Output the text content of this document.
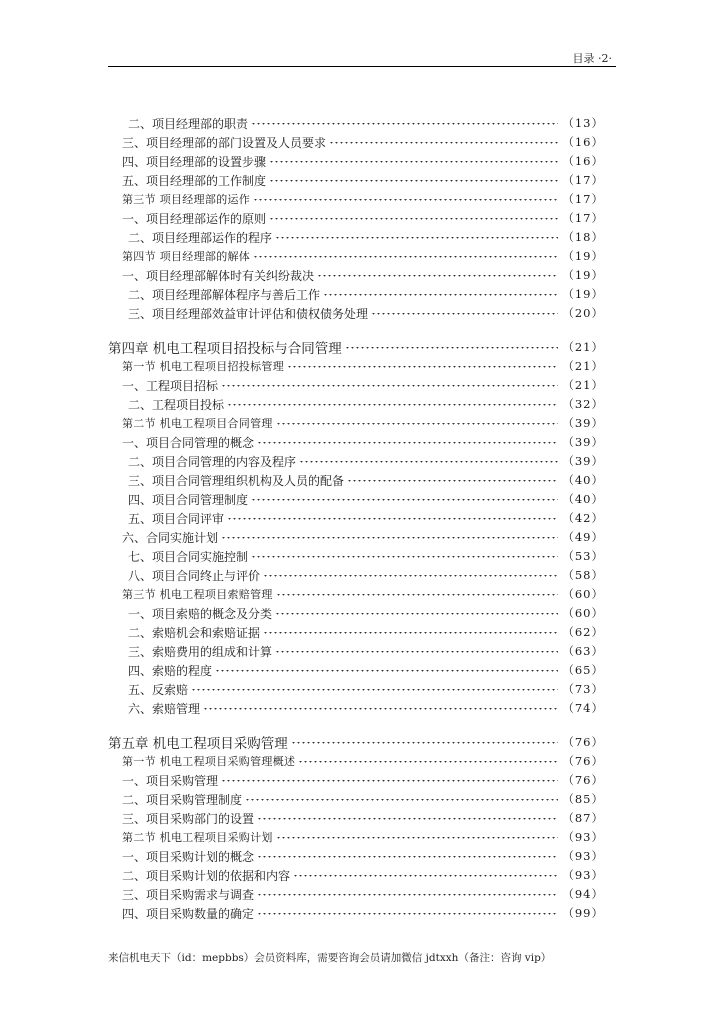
目录 ·2·
二、项目经理部的职责	（13）
三、项目经理部的部门设置及人员要求	（16）
四、项目经理部的设置步骤	（16）
五、项目经理部的工作制度	（17）
第三节 项目经理部的运作	（17）
一、项目经理部运作的原则	（17）
二、项目经理部运作的程序	（18）
第四节 项目经理部的解体	（19）
一、项目经理部解体时有关纠纷裁决	（19）
二、项目经理部解体程序与善后工作	（19）
三、项目经理部效益审计评估和债权债务处理	（20）
第四章 机电工程项目招投标与合同管理	（21）
第一节 机电工程项目招投标管理	（21）
一、工程项目招标	（21）
二、工程项目投标	（32）
第二节 机电工程项目合同管理	（39）
一、项目合同管理的概念	（39）
二、项目合同管理的内容及程序	（39）
三、项目合同管理组织机构及人员的配备	（40）
四、项目合同管理制度	（40）
五、项目合同评审	（42）
六、合同实施计划	（49）
七、项目合同实施控制	（53）
八、项目合同终止与评价	（58）
第三节 机电工程项目索赔管理	（60）
一、项目索赔的概念及分类	（60）
二、索赔机会和索赔证据	（62）
三、索赔费用的组成和计算	（63）
四、索赔的程度	（65）
五、反索赔	（73）
六、索赔管理	（74）
第五章 机电工程项目采购管理	（76）
第一节 机电工程项目采购管理概述	（76）
一、项目采购管理	（76）
二、项目采购管理制度	（85）
三、项目采购部门的设置	（87）
第二节 机电工程项目采购计划	（93）
一、项目采购计划的概念	（93）
二、项目采购计划的依据和内容	（93）
三、项目采购需求与调查	（94）
四、项目采购数量的确定	（99）
来信机电天下（id：mepbbs）会员资料库，需要咨询会员请加微信 jdtxxh（备注：咨询 vip）
